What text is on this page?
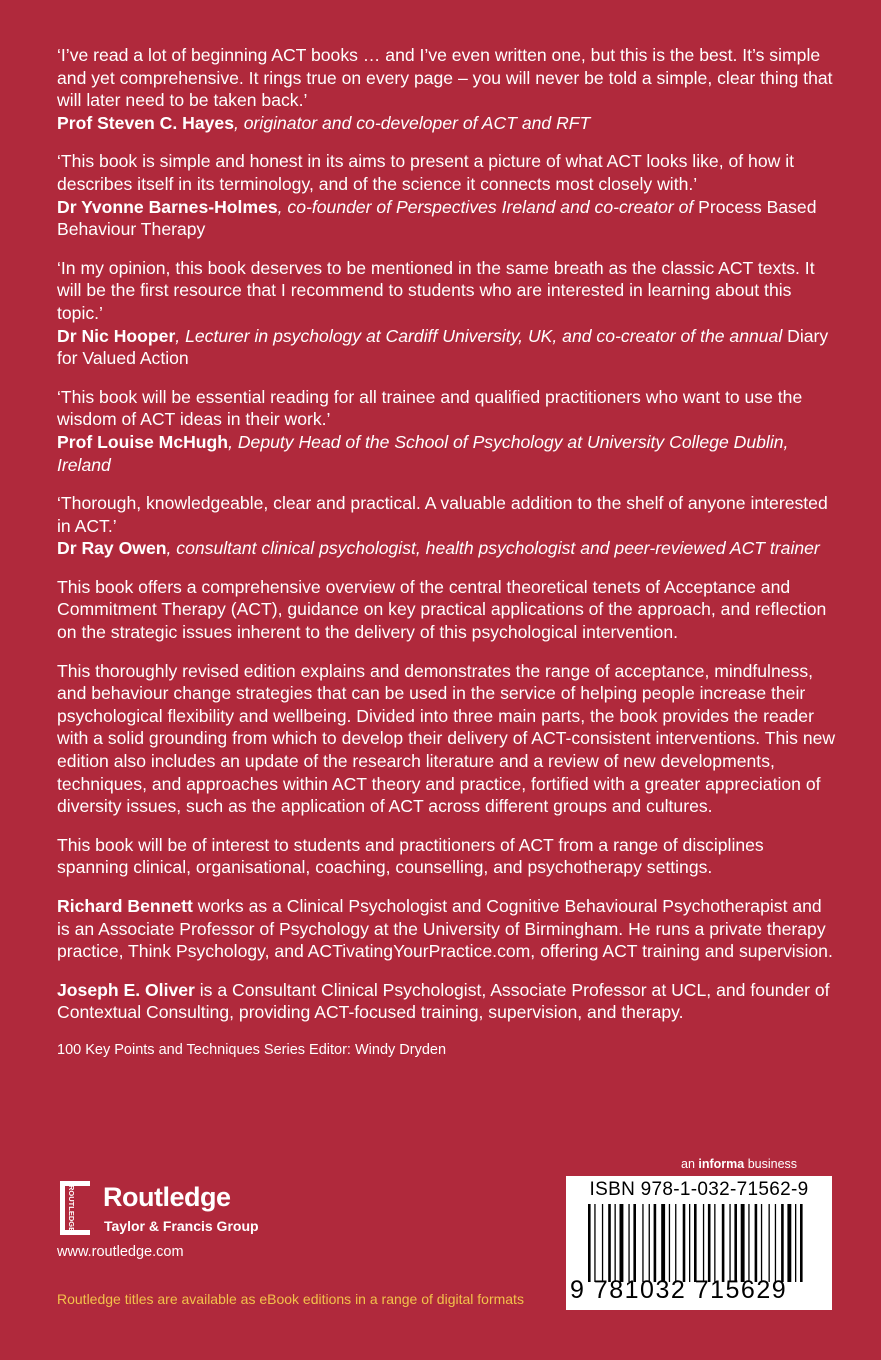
‘I’ve read a lot of beginning ACT books … and I’ve even written one, but this is the best. It’s simple and yet comprehensive. It rings true on every page – you will never be told a simple, clear thing that will later need to be taken back.’
Prof Steven C. Hayes, originator and co-developer of ACT and RFT
‘This book is simple and honest in its aims to present a picture of what ACT looks like, of how it describes itself in its terminology, and of the science it connects most closely with.’
Dr Yvonne Barnes-Holmes, co-founder of Perspectives Ireland and co-creator of Process Based Behaviour Therapy
‘In my opinion, this book deserves to be mentioned in the same breath as the classic ACT texts. It will be the first resource that I recommend to students who are interested in learning about this topic.’
Dr Nic Hooper, Lecturer in psychology at Cardiff University, UK, and co-creator of the annual Diary for Valued Action
‘This book will be essential reading for all trainee and qualified practitioners who want to use the wisdom of ACT ideas in their work.’
Prof Louise McHugh, Deputy Head of the School of Psychology at University College Dublin, Ireland
‘Thorough, knowledgeable, clear and practical. A valuable addition to the shelf of anyone interested in ACT.’
Dr Ray Owen, consultant clinical psychologist, health psychologist and peer-reviewed ACT trainer
This book offers a comprehensive overview of the central theoretical tenets of Acceptance and Commitment Therapy (ACT), guidance on key practical applications of the approach, and reflection on the strategic issues inherent to the delivery of this psychological intervention.
This thoroughly revised edition explains and demonstrates the range of acceptance, mindfulness, and behaviour change strategies that can be used in the service of helping people increase their psychological flexibility and wellbeing. Divided into three main parts, the book provides the reader with a solid grounding from which to develop their delivery of ACT-consistent interventions. This new edition also includes an update of the research literature and a review of new developments, techniques, and approaches within ACT theory and practice, fortified with a greater appreciation of diversity issues, such as the application of ACT across different groups and cultures.
This book will be of interest to students and practitioners of ACT from a range of disciplines spanning clinical, organisational, coaching, counselling, and psychotherapy settings.
Richard Bennett works as a Clinical Psychologist and Cognitive Behavioural Psychotherapist and is an Associate Professor of Psychology at the University of Birmingham. He runs a private therapy practice, Think Psychology, and ACTivatingYourPractice.com, offering ACT training and supervision.
Joseph E. Oliver is a Consultant Clinical Psychologist, Associate Professor at UCL, and founder of Contextual Consulting, providing ACT-focused training, supervision, and therapy.
100 Key Points and Techniques Series Editor: Windy Dryden
an informa business
ROUTLEDGE Routledge
Taylor & Francis Group
www.routledge.com
Routledge titles are available as eBook editions in a range of digital formats
ISBN 978-1-032-71562-9
9 781032 715629
